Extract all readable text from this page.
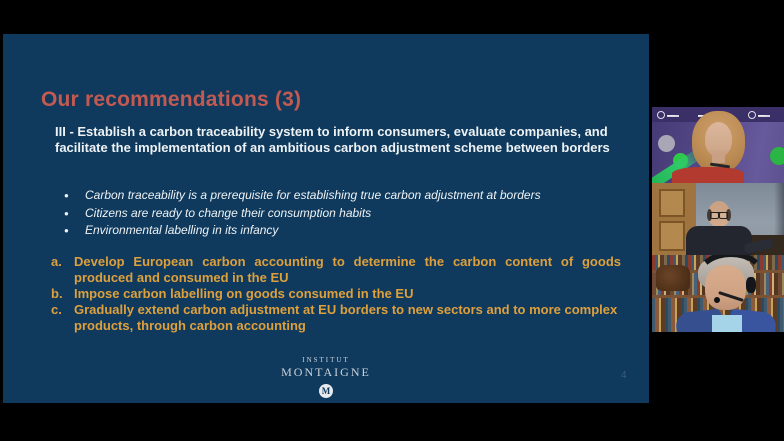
Our recommendations (3)
III - Establish a carbon traceability system to inform consumers, evaluate companies, and facilitate the implementation of an ambitious carbon adjustment scheme between borders
● Carbon traceability is a prerequisite for establishing true carbon adjustment at borders
● Citizens are ready to change their consumption habits
● Environmental labelling in its infancy
a. Develop European carbon accounting to determine the carbon content of goods produced and consumed in the EU
b. Impose carbon labelling on goods consumed in the EU
c. Gradually extend carbon adjustment at EU borders to new sectors and to more complex products, through carbon accounting
INSTITUT
MONTAIGNE
M
4
